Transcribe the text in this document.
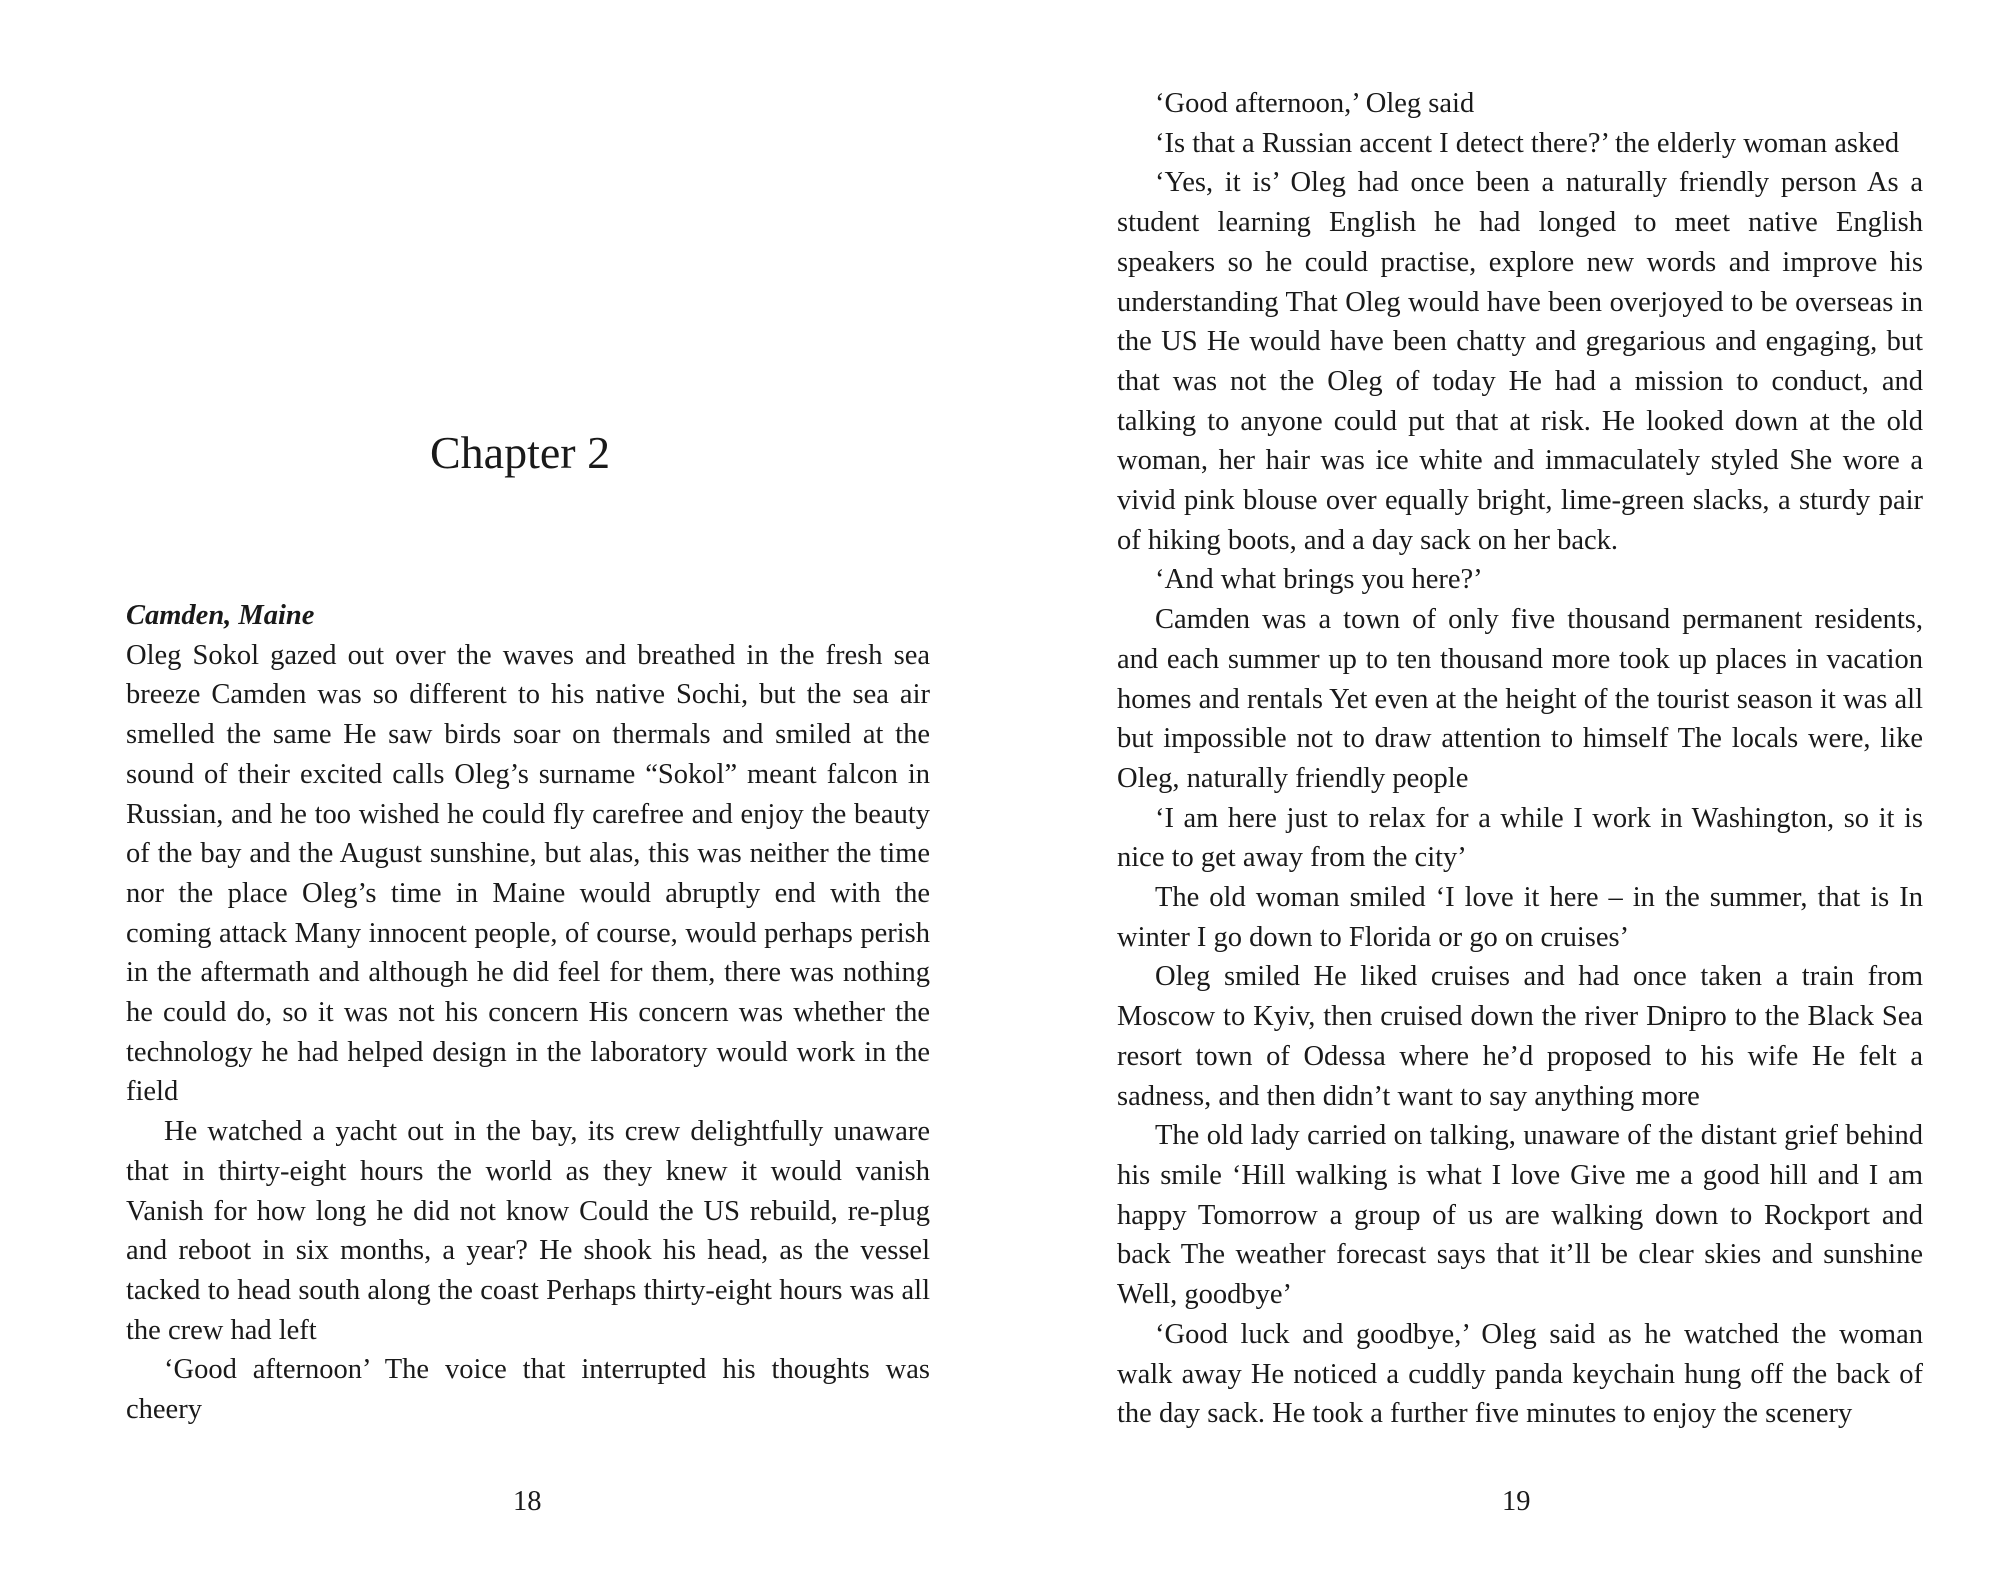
Chapter 2

Camden, Maine

Oleg Sokol gazed out over the waves and breathed in the fresh sea breeze Camden was so different to his native Sochi, but the sea air smelled the same He saw birds soar on thermals and smiled at the sound of their excited calls Oleg’s surname “Sokol” meant falcon in Russian, and he too wished he could fly carefree and enjoy the beauty of the bay and the August sunshine, but alas, this was neither the time nor the place Oleg’s time in Maine would abruptly end with the coming attack Many innocent people, of course, would perhaps perish in the aftermath and although he did feel for them, there was nothing he could do, so it was not his concern His concern was whether the technology he had helped design in the laboratory would work in the field

He watched a yacht out in the bay, its crew delightfully unaware that in thirty-eight hours the world as they knew it would vanish Vanish for how long he did not know Could the US rebuild, re-plug and reboot in six months, a year? He shook his head, as the vessel tacked to head south along the coast Perhaps thirty-eight hours was all the crew had left

‘Good afternoon’ The voice that interrupted his thoughts was cheery

18

‘Good afternoon,’ Oleg said

‘Is that a Russian accent I detect there?’ the elderly woman asked

‘Yes, it is’ Oleg had once been a naturally friendly person As a student learning English he had longed to meet native English speakers so he could practise, explore new words and improve his understanding That Oleg would have been overjoyed to be overseas in the US He would have been chatty and gregarious and engaging, but that was not the Oleg of today He had a mission to conduct, and talking to anyone could put that at risk. He looked down at the old woman, her hair was ice white and immaculately styled She wore a vivid pink blouse over equally bright, lime-green slacks, a sturdy pair of hiking boots, and a day sack on her back.

‘And what brings you here?’

Camden was a town of only five thousand permanent residents, and each summer up to ten thousand more took up places in vacation homes and rentals Yet even at the height of the tourist season it was all but impossible not to draw attention to himself The locals were, like Oleg, naturally friendly people

‘I am here just to relax for a while I work in Washington, so it is nice to get away from the city’

The old woman smiled ‘I love it here – in the summer, that is In winter I go down to Florida or go on cruises’

Oleg smiled He liked cruises and had once taken a train from Moscow to Kyiv, then cruised down the river Dnipro to the Black Sea resort town of Odessa where he’d proposed to his wife He felt a sadness, and then didn’t want to say anything more

The old lady carried on talking, unaware of the distant grief behind his smile ‘Hill walking is what I love Give me a good hill and I am happy Tomorrow a group of us are walking down to Rockport and back The weather forecast says that it’ll be clear skies and sunshine Well, goodbye’

‘Good luck and goodbye,’ Oleg said as he watched the woman walk away He noticed a cuddly panda keychain hung off the back of the day sack. He took a further five minutes to enjoy the scenery

19
